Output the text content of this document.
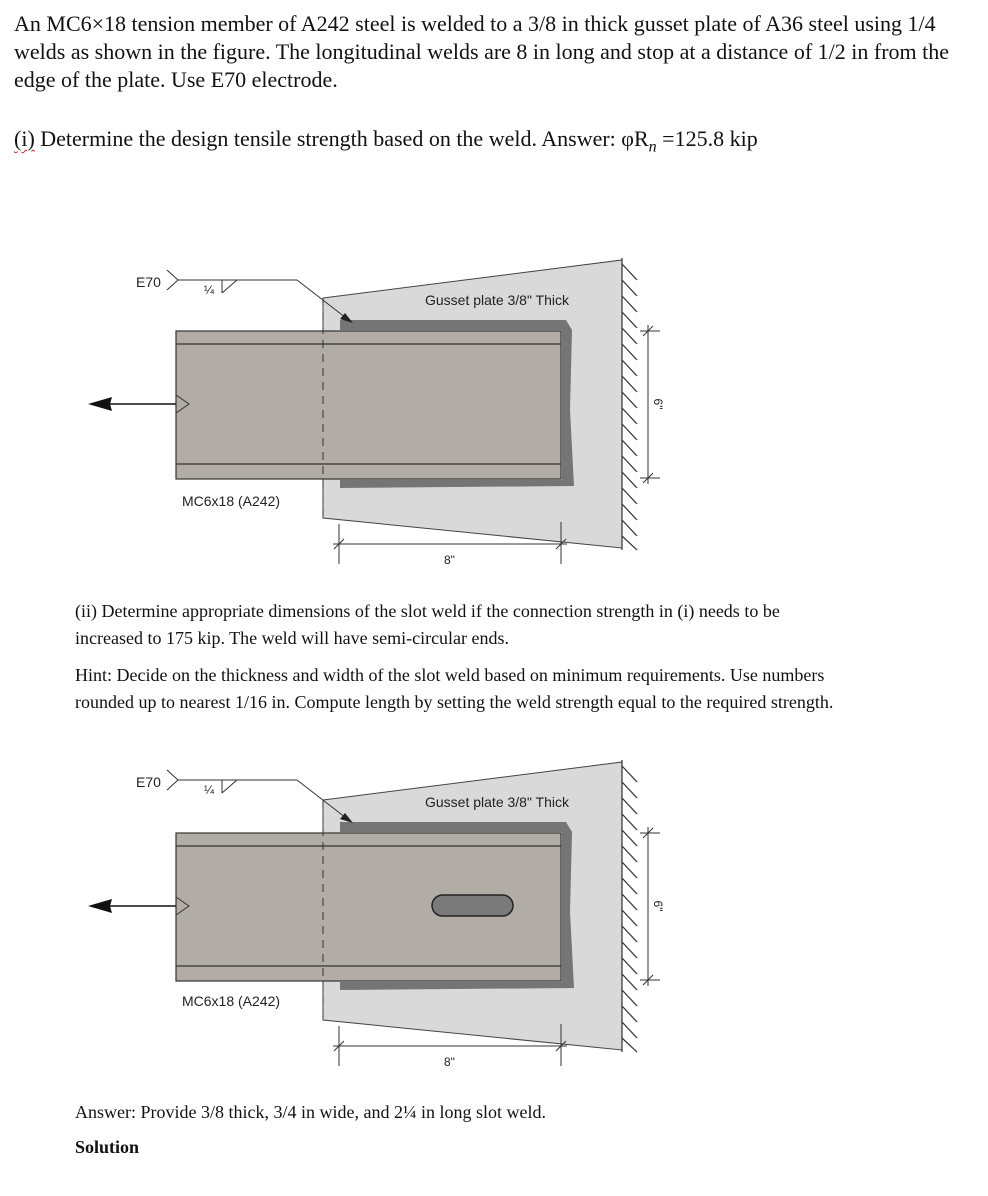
An MC6×18 tension member of A242 steel is welded to a 3/8 in thick gusset plate of A36 steel using 1/4 welds as shown in the figure. The longitudinal welds are 8 in long and stop at a distance of 1/2 in from the edge of the plate. Use E70 electrode.

(i) Determine the design tensile strength based on the weld. Answer: $\varphi R_n =125.8$ kip

E70	¼
Gusset plate 3/8" Thick
MC6x18 (A242)
8"
6"

(ii) Determine appropriate dimensions of the slot weld if the connection strength in (i) needs to be increased to 175 kip. The weld will have semi-circular ends.

Hint: Decide on the thickness and width of the slot weld based on minimum requirements. Use numbers rounded up to nearest 1/16 in. Compute length by setting the weld strength equal to the required strength.

E70	¼
Gusset plate 3/8" Thick
MC6x18 (A242)
8"
6"

Answer: Provide 3/8 thick, 3/4 in wide, and 2¼ in long slot weld.

Solution
